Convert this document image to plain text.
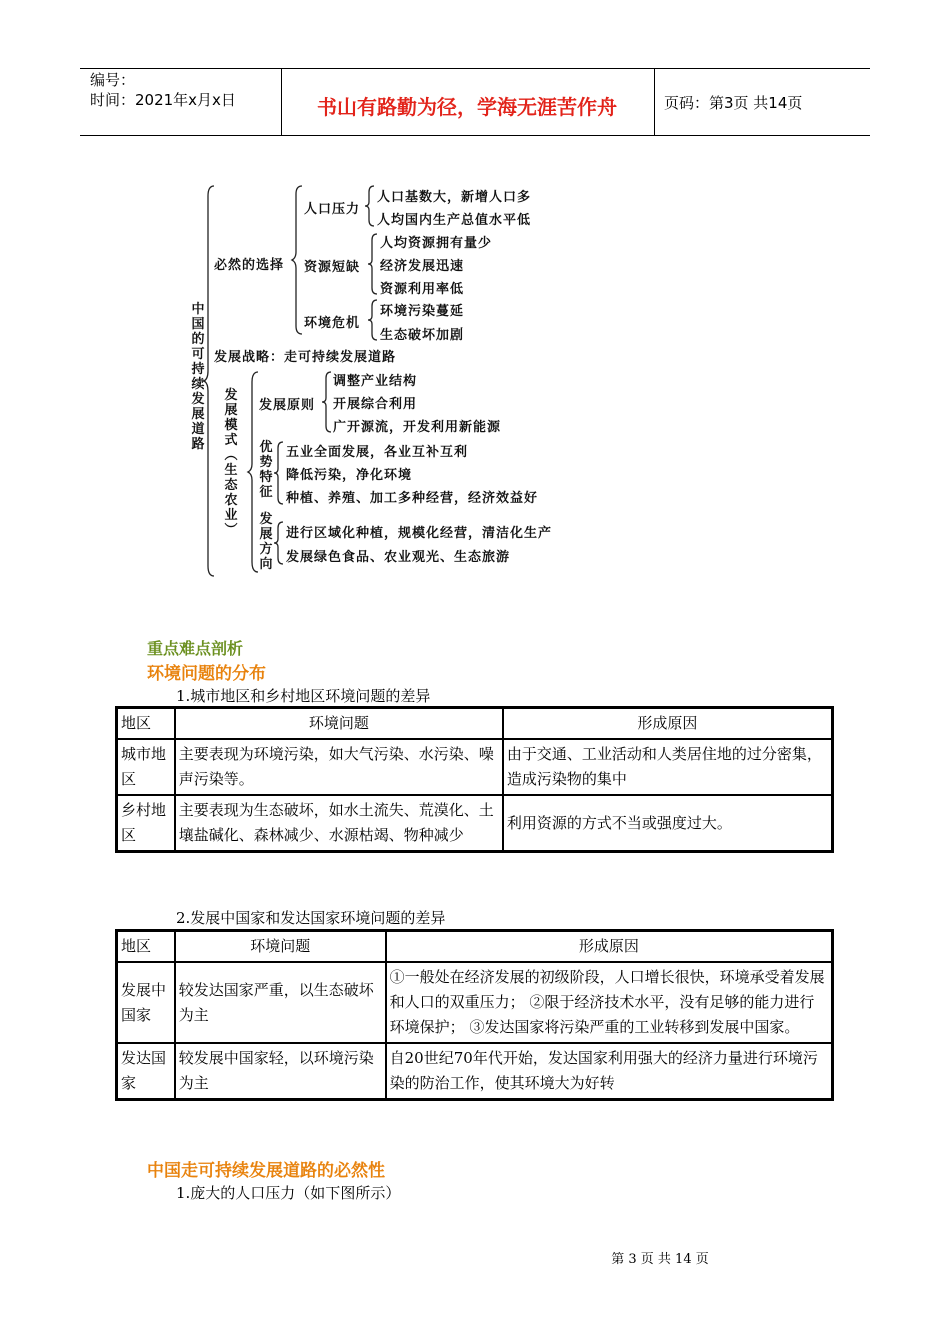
编号：
时间：2021年x月x日	书山有路勤为径，学海无涯苦作舟	页码：第3页 共14页
中
国
的
可
持
续
发
展
道
路
必然的选择
发展战略：走可持续发展道路
发
展
模
式
︵
生
态
农
业
︶
人口压力
资源短缺
环境危机
人口基数大，新增人口多
人均国内生产总值水平低
人均资源拥有量少
经济发展迅速
资源利用率低
环境污染蔓延
生态破坏加剧
发展原则
调整产业结构
开展综合利用
广开源流，开发利用新能源
优
势
特
征
五业全面发展，各业互补互利
降低污染，净化环境
种植、养殖、加工多种经营，经济效益好
发
展
方
向
进行区域化种植，规模化经营，清洁化生产
发展绿色食品、农业观光、生态旅游
重点难点剖析
环境问题的分布
1.城市地区和乡村地区环境问题的差异
地区	环境问题	形成原因
城市地区	主要表现为环境污染，如大气污染、水污染、噪声污染等。	由于交通、工业活动和人类居住地的过分密集，造成污染物的集中
乡村地区	主要表现为生态破坏，如水土流失、荒漠化、土壤盐碱化、森林减少、水源枯竭、物种减少	利用资源的方式不当或强度过大。
2.发展中国家和发达国家环境问题的差异
地区	环境问题	形成原因
发展中国家	较发达国家严重，以生态破坏为主	①一般处在经济发展的初级阶段，人口增长很快，环境承受着发展和人口的双重压力； ②限于经济技术水平，没有足够的能力进行环境保护； ③发达国家将污染严重的工业转移到发展中国家。
发达国家	较发展中国家轻，以环境污染为主	自20世纪70年代开始，发达国家利用强大的经济力量进行环境污染的防治工作，使其环境大为好转
中国走可持续发展道路的必然性
1.庞大的人口压力（如下图所示）
第 3 页 共 14 页
